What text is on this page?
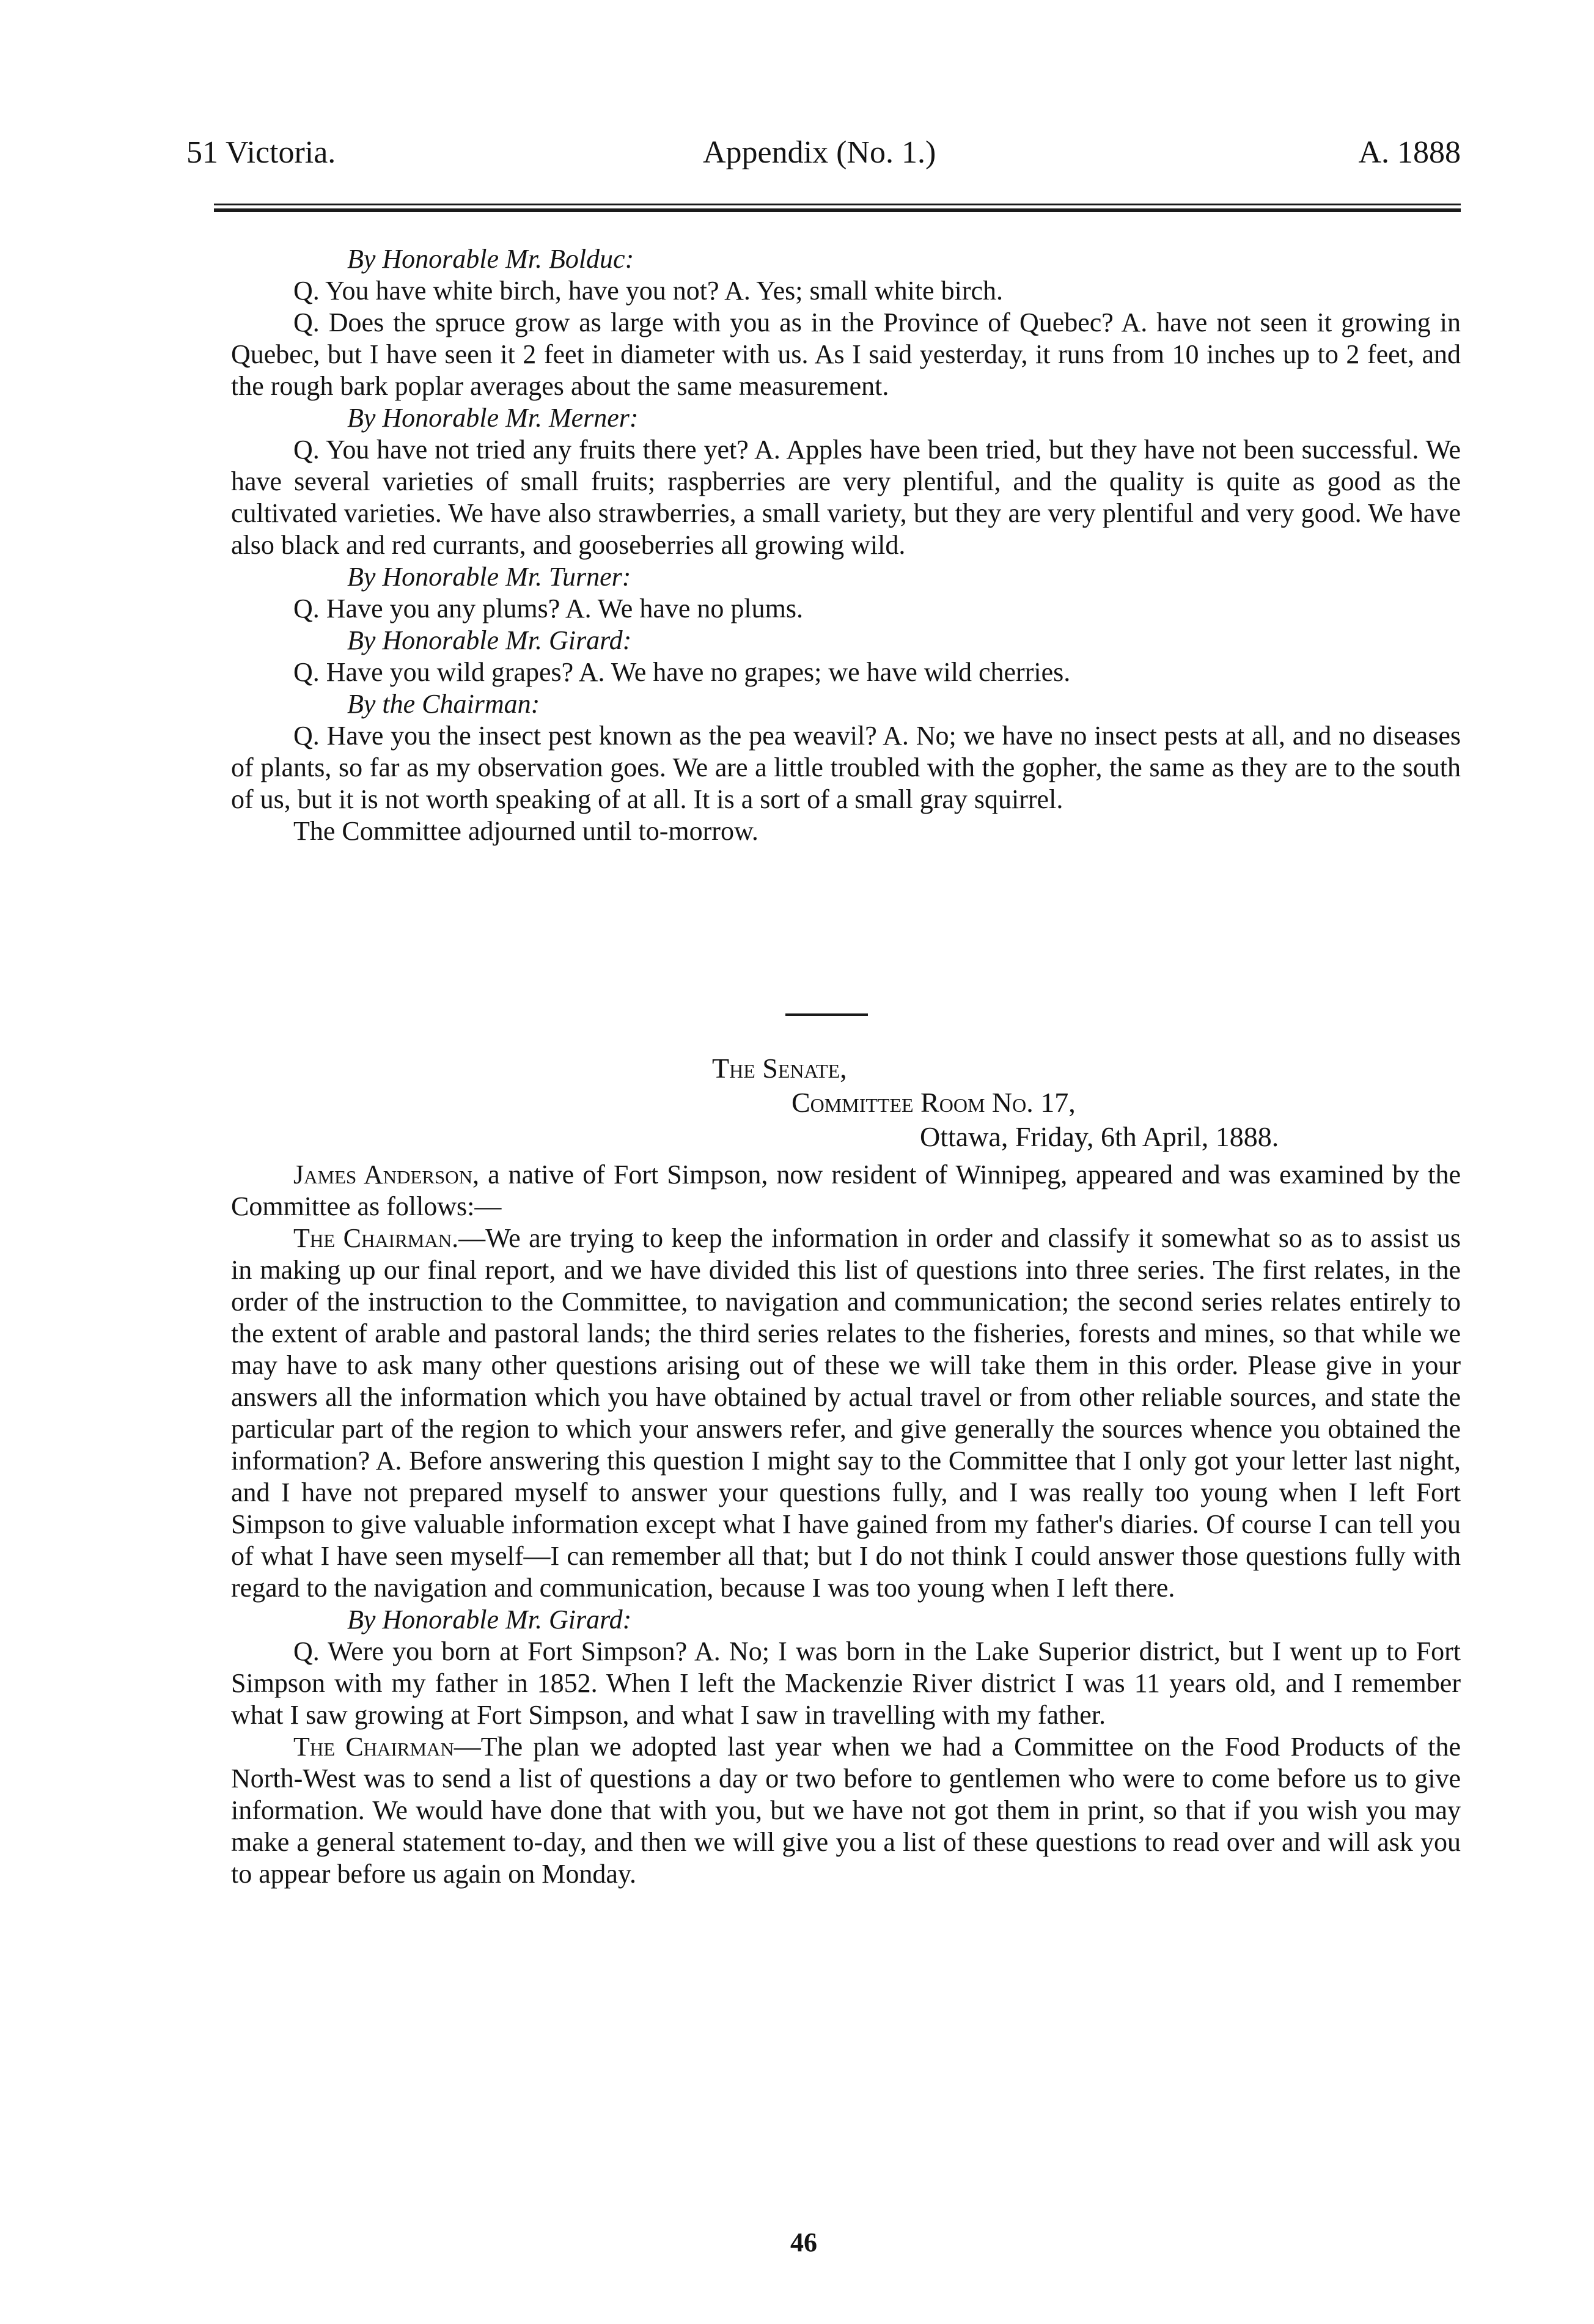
51 Victoria.	Appendix (No. 1.)	A. 1888

By Honorable Mr. Bolduc:

Q. You have white birch, have you not? A. Yes; small white birch.

Q. Does the spruce grow as large with you as in the Province of Quebec? A. have not seen it growing in Quebec, but I have seen it 2 feet in diameter with us. As I said yesterday, it runs from 10 inches up to 2 feet, and the rough bark poplar averages about the same measurement.

By Honorable Mr. Merner:

Q. You have not tried any fruits there yet? A. Apples have been tried, but they have not been successful. We have several varieties of small fruits; raspberries are very plentiful, and the quality is quite as good as the cultivated varieties. We have also strawberries, a small variety, but they are very plentiful and very good. We have also black and red currants, and gooseberries all growing wild.

By Honorable Mr. Turner:

Q. Have you any plums? A. We have no plums.

By Honorable Mr. Girard:

Q. Have you wild grapes? A. We have no grapes; we have wild cherries.

By the Chairman:

Q. Have you the insect pest known as the pea weavil? A. No; we have no insect pests at all, and no diseases of plants, so far as my observation goes. We are a little troubled with the gopher, the same as they are to the south of us, but it is not worth speaking of at all. It is a sort of a small gray squirrel.

The Committee adjourned until to-morrow.

The Senate,
Committee Room No. 17,
Ottawa, Friday, 6th April, 1888.

James Anderson, a native of Fort Simpson, now resident of Winnipeg, appeared and was examined by the Committee as follows:—

The Chairman.—We are trying to keep the information in order and classify it somewhat so as to assist us in making up our final report, and we have divided this list of questions into three series. The first relates, in the order of the instruction to the Committee, to navigation and communication; the second series relates entirely to the extent of arable and pastoral lands; the third series relates to the fisheries, forests and mines, so that while we may have to ask many other questions arising out of these we will take them in this order. Please give in your answers all the information which you have obtained by actual travel or from other reliable sources, and state the particular part of the region to which your answers refer, and give generally the sources whence you obtained the information? A. Before answering this question I might say to the Committee that I only got your letter last night, and I have not prepared myself to answer your questions fully, and I was really too young when I left Fort Simpson to give valuable information except what I have gained from my father's diaries. Of course I can tell you of what I have seen myself—I can remember all that; but I do not think I could answer those questions fully with regard to the navigation and communication, because I was too young when I left there.

By Honorable Mr. Girard:

Q. Were you born at Fort Simpson? A. No; I was born in the Lake Superior district, but I went up to Fort Simpson with my father in 1852. When I left the Mackenzie River district I was 11 years old, and I remember what I saw growing at Fort Simpson, and what I saw in travelling with my father.

The Chairman—The plan we adopted last year when we had a Committee on the Food Products of the North-West was to send a list of questions a day or two before to gentlemen who were to come before us to give information. We would have done that with you, but we have not got them in print, so that if you wish you may make a general statement to-day, and then we will give you a list of these questions to read over and will ask you to appear before us again on Monday.

46
